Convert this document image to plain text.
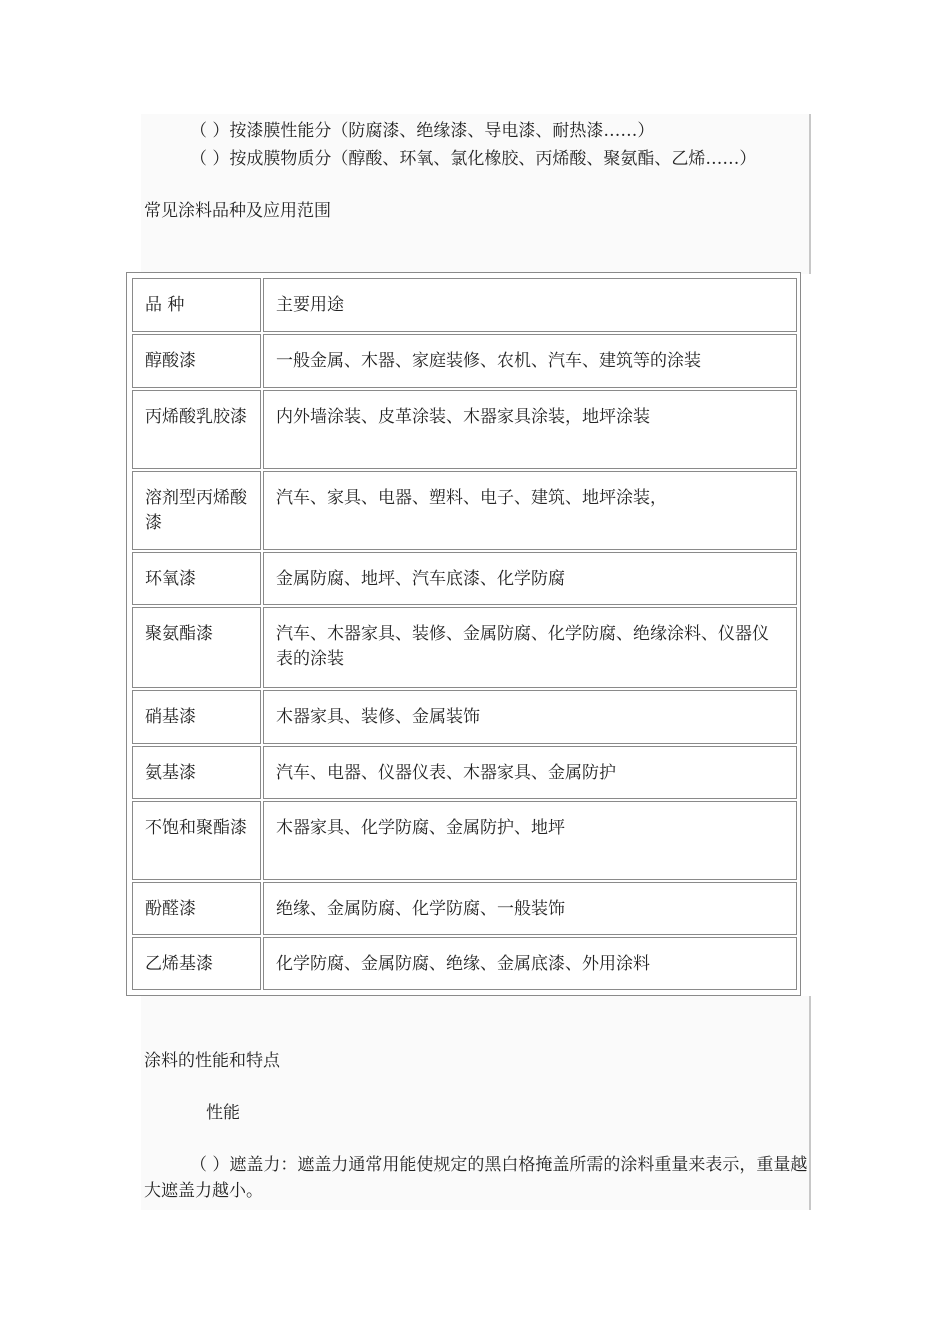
（ ）按漆膜性能分（防腐漆、绝缘漆、导电漆、耐热漆……）

（ ）按成膜物质分（醇酸、环氧、氯化橡胶、丙烯酸、聚氨酯、乙烯……）

常见涂料品种及应用范围

品 种	主要用途
醇酸漆	一般金属、木器、家庭装修、农机、汽车、建筑等的涂装
丙烯酸乳胶漆	内外墙涂装、皮革涂装、木器家具涂装，地坪涂装
溶剂型丙烯酸漆	汽车、家具、电器、塑料、电子、建筑、地坪涂装，
环氧漆	金属防腐、地坪、汽车底漆、化学防腐
聚氨酯漆	汽车、木器家具、装修、金属防腐、化学防腐、绝缘涂料、仪器仪表的涂装
硝基漆	木器家具、装修、金属装饰
氨基漆	汽车、电器、仪器仪表、木器家具、金属防护
不饱和聚酯漆	木器家具、化学防腐、金属防护、地坪
酚醛漆	绝缘、金属防腐、化学防腐、一般装饰
乙烯基漆	化学防腐、金属防腐、绝缘、金属底漆、外用涂料

涂料的性能和特点

性能

（ ）遮盖力：遮盖力通常用能使规定的黑白格掩盖所需的涂料重量来表示，重量越大遮盖力越小。
